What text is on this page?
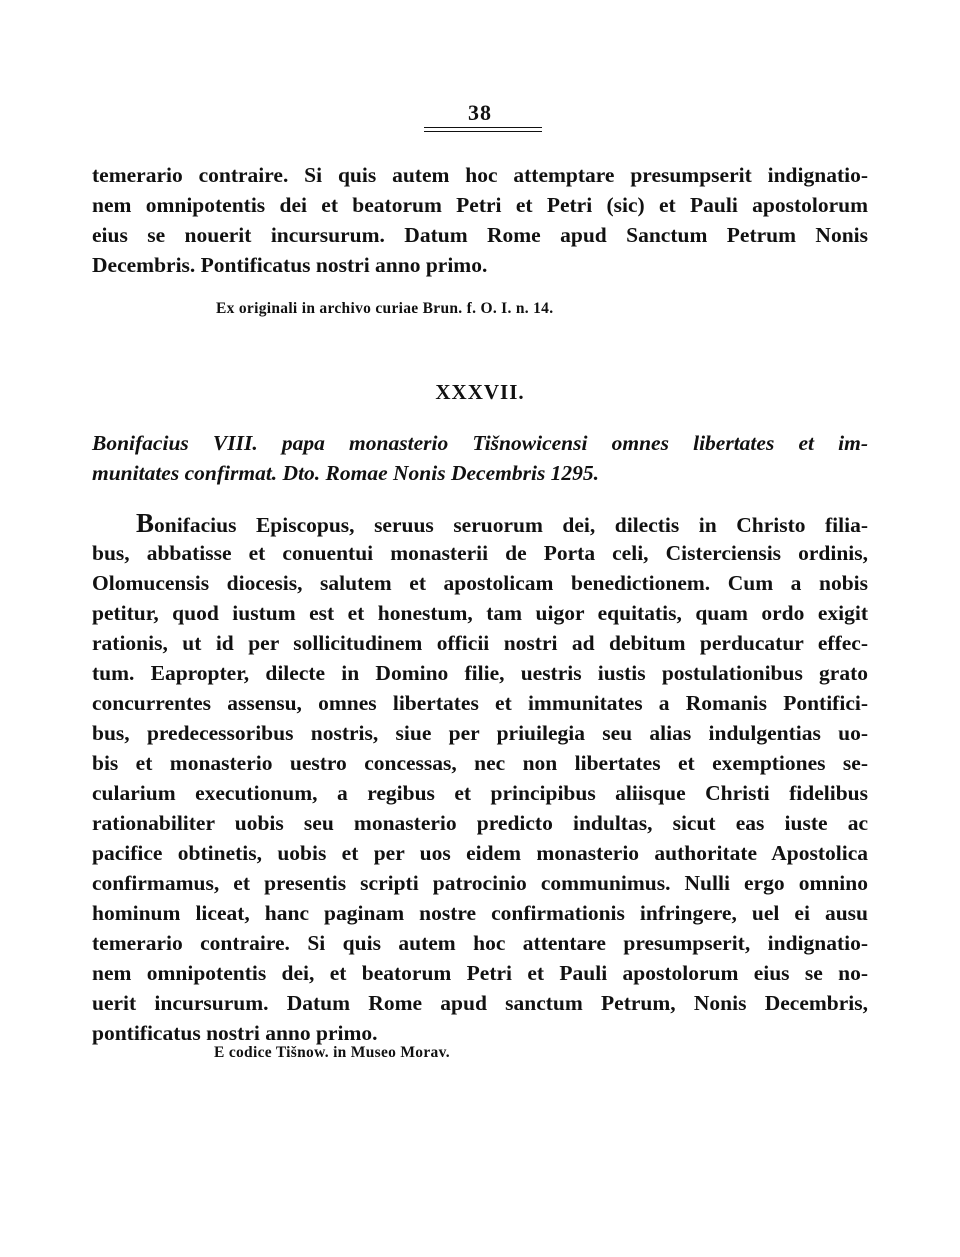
38
temerario contraire. Si quis autem hoc attemptare presumpserit indignatio-
nem omnipotentis dei et beatorum Petri et Petri (sic) et Pauli apostolorum
eius se nouerit incursurum. Datum Rome apud Sanctum Petrum Nonis
Decembris. Pontificatus nostri anno primo.
Ex originali in archivo curiae Brun. f. O. I. n. 14.
XXXVII.
Bonifacius VIII. papa monasterio Tišnowicensi omnes libertates et im-
munitates confirmat. Dto. Romae Nonis Decembris 1295.
Bonifacius Episcopus, seruus seruorum dei, dilectis in Christo filia-
bus, abbatisse et conuentui monasterii de Porta celi, Cisterciensis ordinis,
Olomucensis diocesis, salutem et apostolicam benedictionem. Cum a nobis
petitur, quod iustum est et honestum, tam uigor equitatis, quam ordo exigit
rationis, ut id per sollicitudinem officii nostri ad debitum perducatur effec-
tum. Eapropter, dilecte in Domino filie, uestris iustis postulationibus grato
concurrentes assensu, omnes libertates et immunitates a Romanis Pontifici-
bus, predecessoribus nostris, siue per priuilegia seu alias indulgentias uo-
bis et monasterio uestro concessas, nec non libertates et exemptiones se-
cularium executionum, a regibus et principibus aliisque Christi fidelibus
rationabiliter uobis seu monasterio predicto indultas, sicut eas iuste ac
pacifice obtinetis, uobis et per uos eidem monasterio authoritate Apostolica
confirmamus, et presentis scripti patrocinio communimus. Nulli ergo omnino
hominum liceat, hanc paginam nostre confirmationis infringere, uel ei ausu
temerario contraire. Si quis autem hoc attentare presumpserit, indignatio-
nem omnipotentis dei, et beatorum Petri et Pauli apostolorum eius se no-
uerit incursurum. Datum Rome apud sanctum Petrum, Nonis Decembris,
pontificatus nostri anno primo.
E codice Tišnow. in Museo Morav.
